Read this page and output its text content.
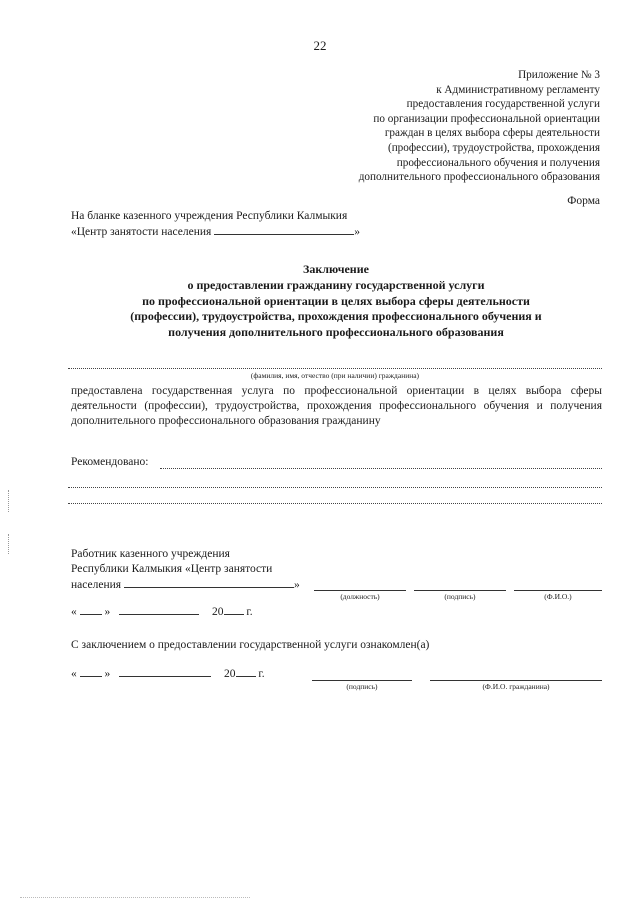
22
Приложение № 3
к Административному регламенту
предоставления государственной услуги
по организации профессиональной ориентации
граждан в целях выбора сферы деятельности
(профессии), трудоустройства, прохождения
профессионального обучения и получения
дополнительного профессионального образования
Форма
На бланке казенного учреждения Республики Калмыкия
«Центр занятости населения	»
Заключение
о предоставлении гражданину государственной услуги
по профессиональной ориентации в целях выбора сферы деятельности
(профессии), трудоустройства, прохождения профессионального обучения и
получения дополнительного профессионального образования
(фамилия, имя, отчество (при наличии) гражданина)
предоставлена государственная услуга по профессиональной ориентации в целях выбора сферы деятельности (профессии), трудоустройства, прохождения профессионального обучения и получения дополнительного профессионального образования гражданину
Рекомендовано:
Работник казенного учреждения
Республики Калмыкия «Центр занятости
населения	»
(должность)	(подпись)	(Ф.И.О.)
« »	20 г.
С заключением о предоставлении государственной услуги ознакомлен(а)
« »	20 г.
(подпись)	(Ф.И.О. гражданина)
